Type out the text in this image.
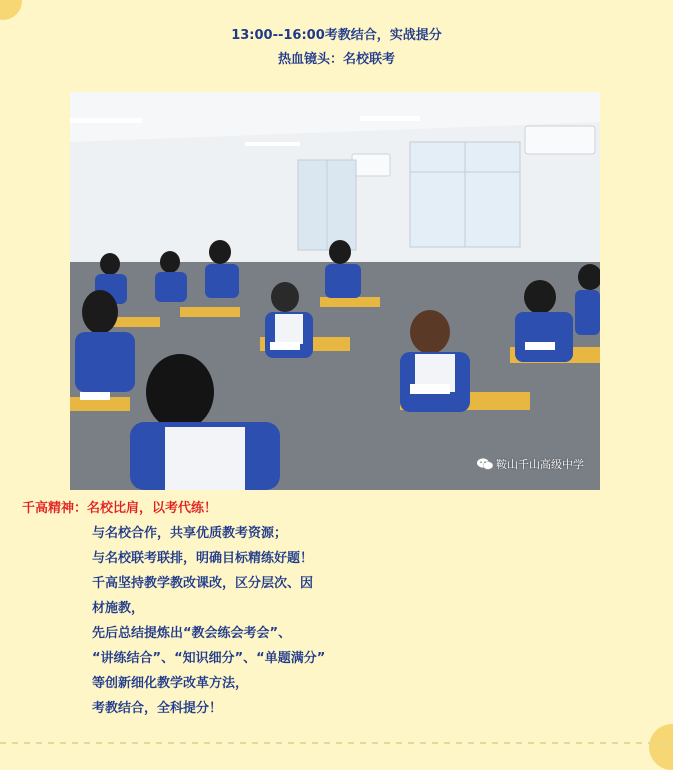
13:00--16:00考教结合，实战提分
热血镜头：名校联考
鞍山千山高级中学
千高精神：名校比肩，以考代练！
与名校合作，共享优质教考资源；
与名校联考联排，明确目标精练好题！
千高坚持教学教改课改，区分层次、因
材施教，
先后总结提炼出“教会练会考会”、
“讲练结合”、“知识细分”、“单题满分”
等创新细化教学改革方法，
考教结合，全科提分！
